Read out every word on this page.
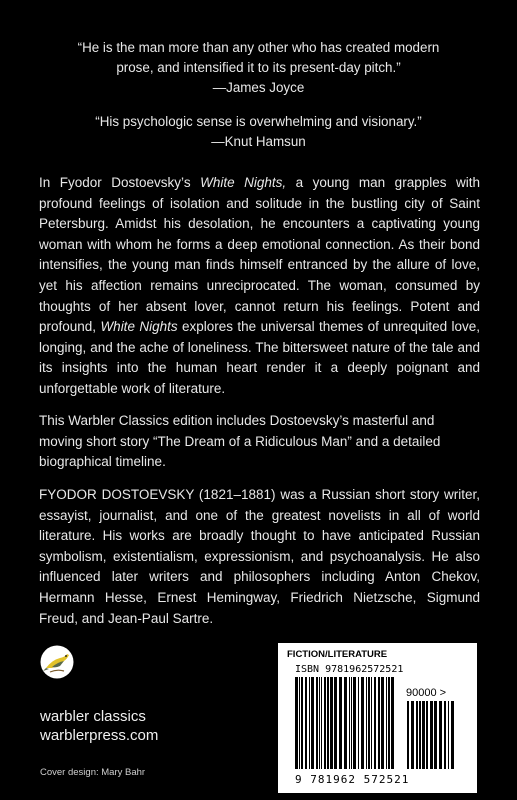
“He is the man more than any other who has created modern

prose, and intensified it to its present-day pitch.”

—James Joyce

“His psychologic sense is overwhelming and visionary.”

—Knut Hamsun

In Fyodor Dostoevsky’s White Nights, a young man grapples with profound feelings of isolation and solitude in the bustling city of Saint Petersburg. Amidst his desolation, he encounters a captivating young woman with whom he forms a deep emotional connection. As their bond intensifies, the young man finds himself entranced by the allure of love, yet his affection remains unreciprocated. The woman, consumed by thoughts of her absent lover, cannot return his feelings. Potent and profound, White Nights explores the universal themes of unrequited love, longing, and the ache of loneliness. The bittersweet nature of the tale and its insights into the human heart render it a deeply poignant and unforgettable work of literature.

This Warbler Classics edition includes Dostoevsky’s masterful and moving short story “The Dream of a Ridiculous Man” and a detailed biographical timeline.

FYODOR DOSTOEVSKY (1821–1881) was a Russian short story writer, essayist, journalist, and one of the greatest novelists in all of world literature. His works are broadly thought to have anticipated Russian symbolism, existentialism, expressionism, and psychoanalysis. He also influenced later writers and philosophers including Anton Chekov, Hermann Hesse, Ernest Hemingway, Friedrich Nietzsche, Sigmund Freud, and Jean-Paul Sartre.

warbler classics
warblerpress.com
Cover design: Mary Bahr
FICTION/LITERATURE
ISBN 9781962572521
90000 >
9 781962 572521
